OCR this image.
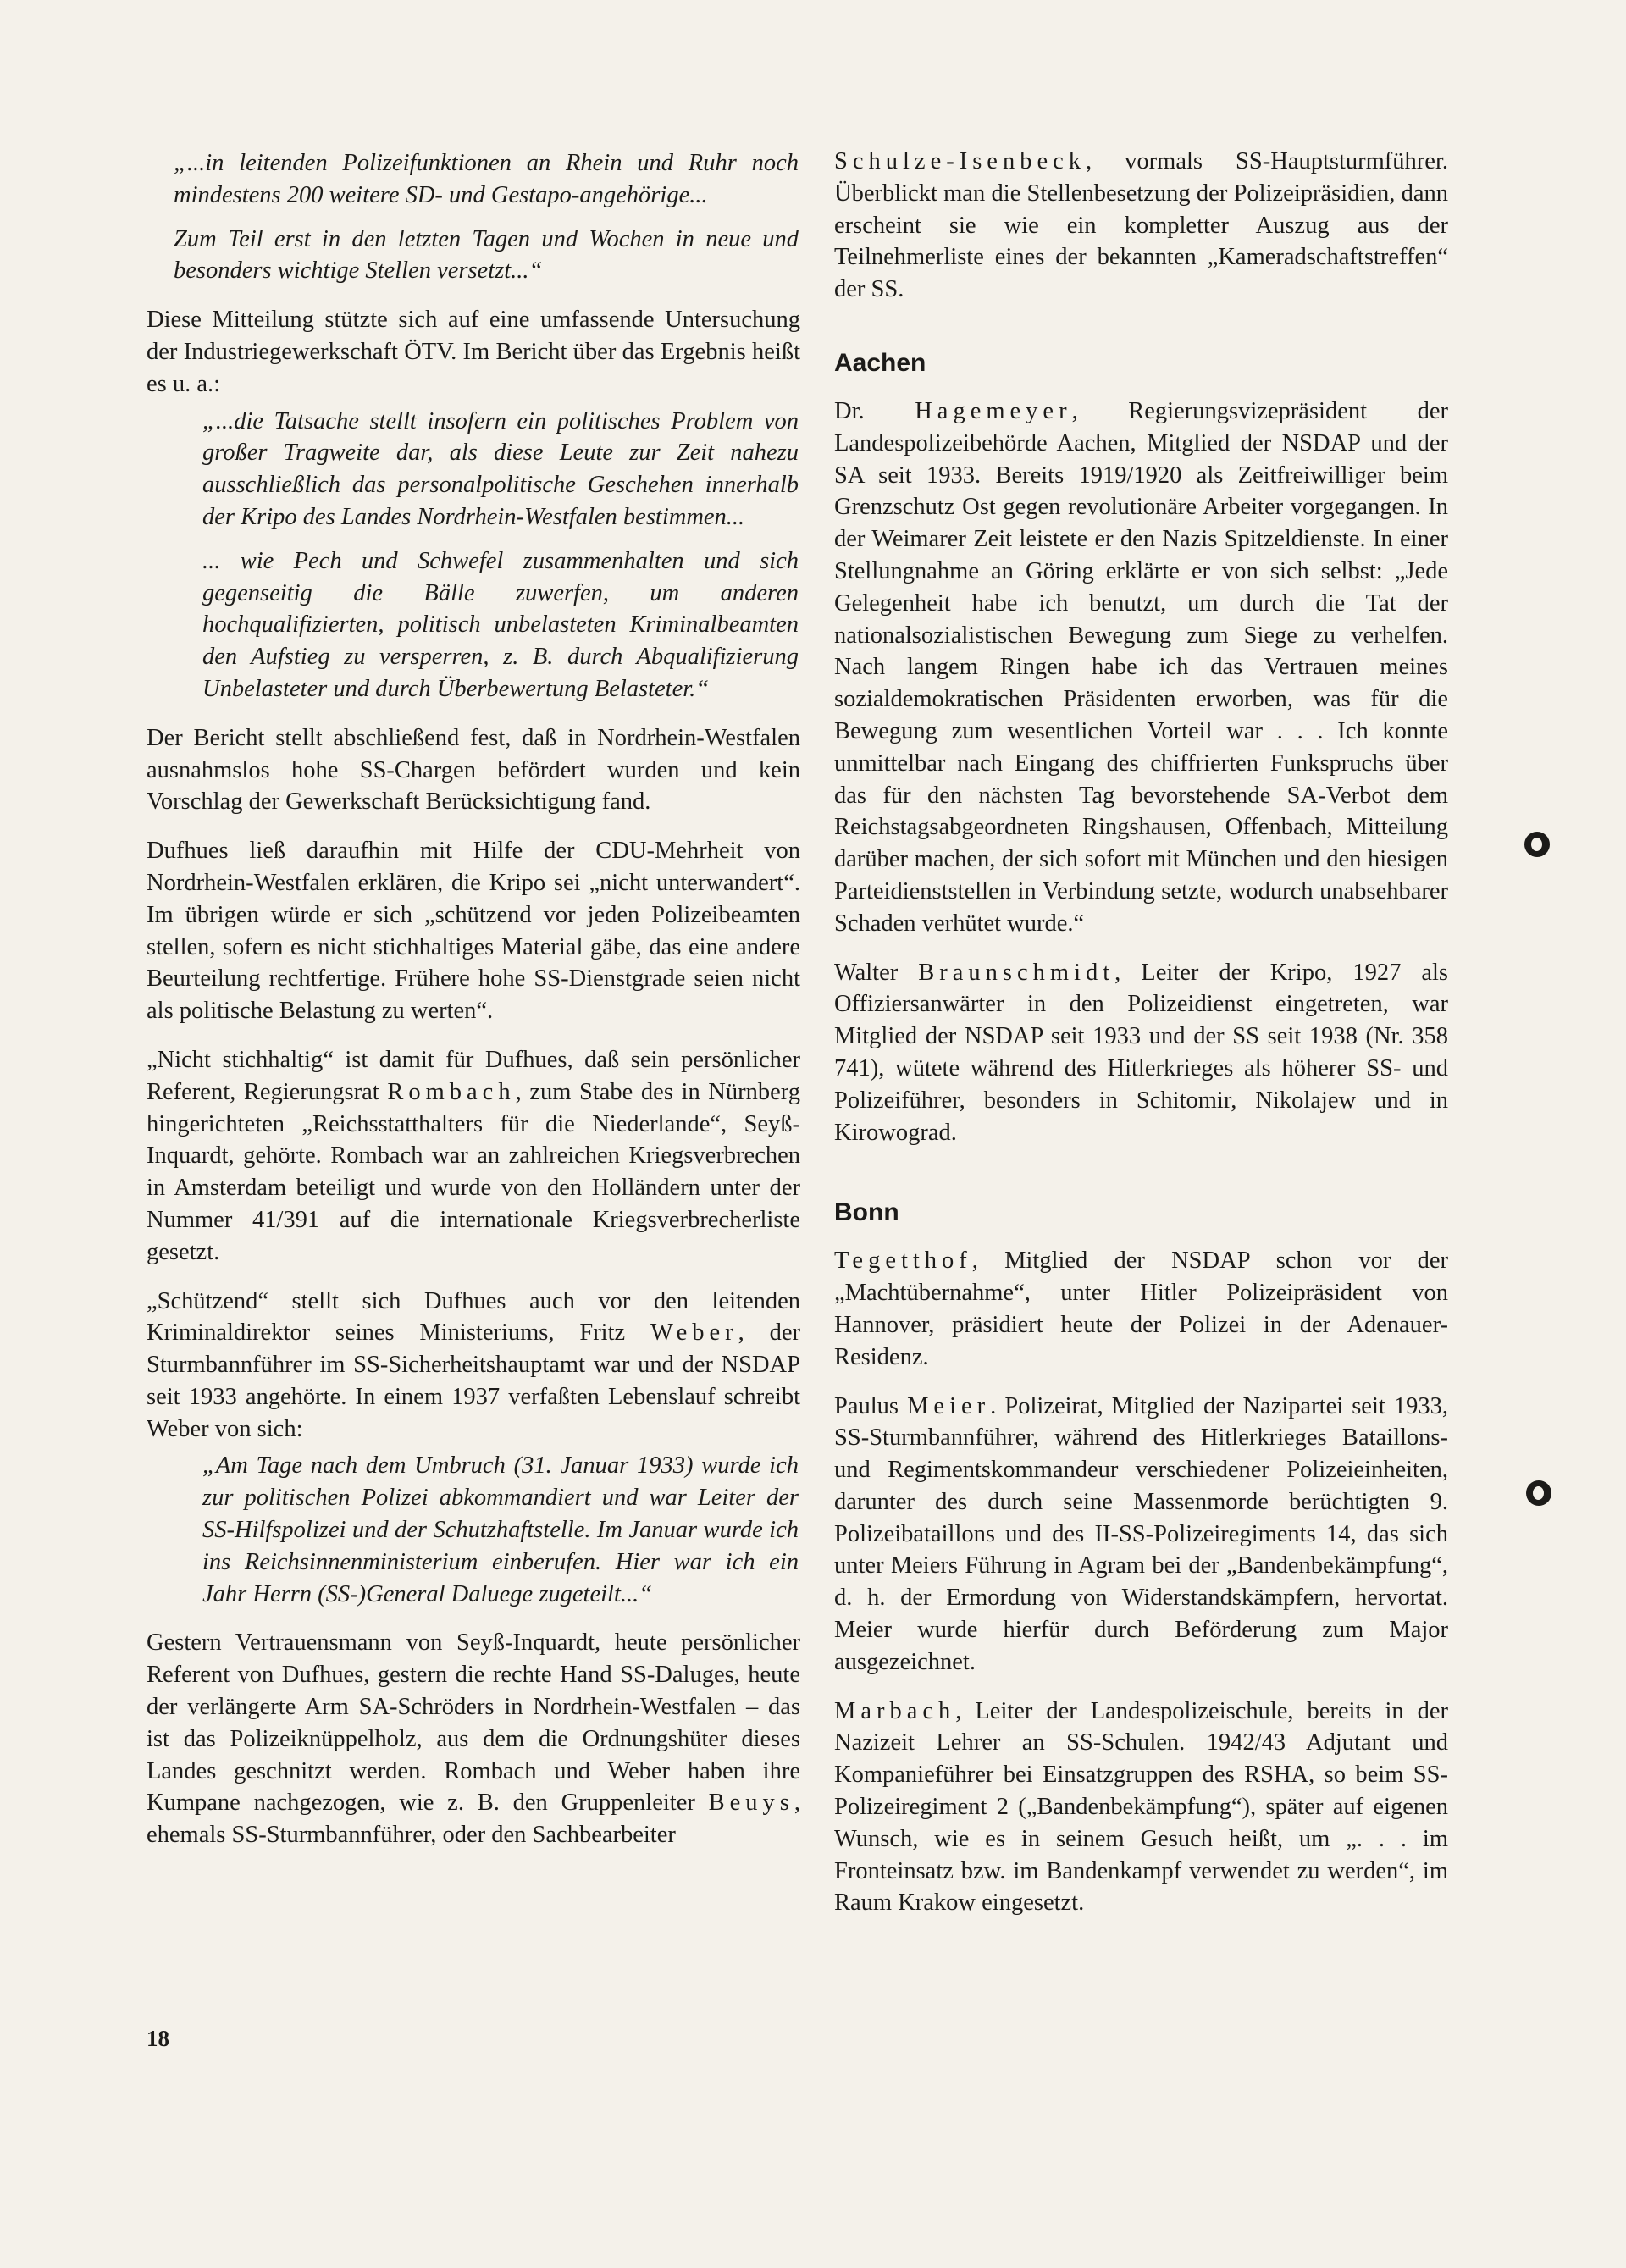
„...in leitenden Polizeifunktionen an Rhein und Ruhr noch mindestens 200 weitere SD- und Gestapo-angehörige...

Zum Teil erst in den letzten Tagen und Wochen in neue und besonders wichtige Stellen versetzt...“

Diese Mitteilung stützte sich auf eine umfassende Untersuchung der Industriegewerkschaft ÖTV. Im Bericht über das Ergebnis heißt es u. a.:

„...die Tatsache stellt insofern ein politisches Problem von großer Tragweite dar, als diese Leute zur Zeit nahezu ausschließlich das personalpolitische Geschehen innerhalb der Kripo des Landes Nordrhein-Westfalen bestimmen...

... wie Pech und Schwefel zusammenhalten und sich gegenseitig die Bälle zuwerfen, um anderen hochqualifizierten, politisch unbelasteten Kriminalbeamten den Aufstieg zu versperren, z. B. durch Abqualifizierung Unbelasteter und durch Überbewertung Belasteter.“

Der Bericht stellt abschließend fest, daß in Nordrhein-Westfalen ausnahmslos hohe SS-Chargen befördert wurden und kein Vorschlag der Gewerkschaft Berücksichtigung fand.

Dufhues ließ daraufhin mit Hilfe der CDU-Mehrheit von Nordrhein-Westfalen erklären, die Kripo sei „nicht unterwandert“. Im übrigen würde er sich „schützend vor jeden Polizeibeamten stellen, sofern es nicht stichhaltiges Material gäbe, das eine andere Beurteilung rechtfertige. Frühere hohe SS-Dienstgrade seien nicht als politische Belastung zu werten“.

„Nicht stichhaltig“ ist damit für Dufhues, daß sein persönlicher Referent, Regierungsrat Rombach, zum Stabe des in Nürnberg hingerichteten „Reichsstatthalters für die Niederlande“, Seyß-Inquardt, gehörte. Rombach war an zahlreichen Kriegsverbrechen in Amsterdam beteiligt und wurde von den Holländern unter der Nummer 41/391 auf die internationale Kriegsverbrecherliste gesetzt.

„Schützend“ stellt sich Dufhues auch vor den leitenden Kriminaldirektor seines Ministeriums, Fritz Weber, der Sturmbannführer im SS-Sicherheitshauptamt war und der NSDAP seit 1933 angehörte. In einem 1937 verfaßten Lebenslauf schreibt Weber von sich:

„Am Tage nach dem Umbruch (31. Januar 1933) wurde ich zur politischen Polizei abkommandiert und war Leiter der SS-Hilfspolizei und der Schutzhaftstelle. Im Januar wurde ich ins Reichsinnenministerium einberufen. Hier war ich ein Jahr Herrn (SS-)General Daluege zugeteilt...“

Gestern Vertrauensmann von Seyß-Inquardt, heute persönlicher Referent von Dufhues, gestern die rechte Hand SS-Daluges, heute der verlängerte Arm SA-Schröders in Nordrhein-Westfalen – das ist das Polizeiknüppelholz, aus dem die Ordnungshüter dieses Landes geschnitzt werden. Rombach und Weber haben ihre Kumpane nachgezogen, wie z. B. den Gruppenleiter Beuys, ehemals SS-Sturmbannführer, oder den Sachbearbeiter

Schulze-Isenbeck, vormals SS-Hauptsturmführer. Überblickt man die Stellenbesetzung der Polizeipräsidien, dann erscheint sie wie ein kompletter Auszug aus der Teilnehmerliste eines der bekannten „Kameradschaftstreffen“ der SS.

Aachen

Dr. Hagemeyer, Regierungsvizepräsident der Landespolizeibehörde Aachen, Mitglied der NSDAP und der SA seit 1933. Bereits 1919/1920 als Zeitfreiwilliger beim Grenzschutz Ost gegen revolutionäre Arbeiter vorgegangen. In der Weimarer Zeit leistete er den Nazis Spitzeldienste. In einer Stellungnahme an Göring erklärte er von sich selbst: „Jede Gelegenheit habe ich benutzt, um durch die Tat der nationalsozialistischen Bewegung zum Siege zu verhelfen. Nach langem Ringen habe ich das Vertrauen meines sozialdemokratischen Präsidenten erworben, was für die Bewegung zum wesentlichen Vorteil war . . . Ich konnte unmittelbar nach Eingang des chiffrierten Funkspruchs über das für den nächsten Tag bevorstehende SA-Verbot dem Reichstagsabgeordneten Ringshausen, Offenbach, Mitteilung darüber machen, der sich sofort mit München und den hiesigen Parteidienststellen in Verbindung setzte, wodurch unabsehbarer Schaden verhütet wurde.“

Walter Braunschmidt, Leiter der Kripo, 1927 als Offiziersanwärter in den Polizeidienst eingetreten, war Mitglied der NSDAP seit 1933 und der SS seit 1938 (Nr. 358 741), wütete während des Hitlerkrieges als höherer SS- und Polizeiführer, besonders in Schitomir, Nikolajew und in Kirowograd.

Bonn

Tegetthof, Mitglied der NSDAP schon vor der „Machtübernahme“, unter Hitler Polizeipräsident von Hannover, präsidiert heute der Polizei in der Adenauer-Residenz.

Paulus Meier. Polizeirat, Mitglied der Nazipartei seit 1933, SS-Sturmbannführer, während des Hitlerkrieges Bataillons- und Regimentskommandeur verschiedener Polizeieinheiten, darunter des durch seine Massenmorde berüchtigten 9. Polizeibataillons und des II-SS-Polizeiregiments 14, das sich unter Meiers Führung in Agram bei der „Bandenbekämpfung“, d. h. der Ermordung von Widerstandskämpfern, hervortat. Meier wurde hierfür durch Beförderung zum Major ausgezeichnet.

Marbach, Leiter der Landespolizeischule, bereits in der Nazizeit Lehrer an SS-Schulen. 1942/43 Adjutant und Kompanieführer bei Einsatzgruppen des RSHA, so beim SS-Polizeiregiment 2 („Bandenbekämpfung“), später auf eigenen Wunsch, wie es in seinem Gesuch heißt, um „. . . im Fronteinsatz bzw. im Bandenkampf verwendet zu werden“, im Raum Krakow eingesetzt.

18
